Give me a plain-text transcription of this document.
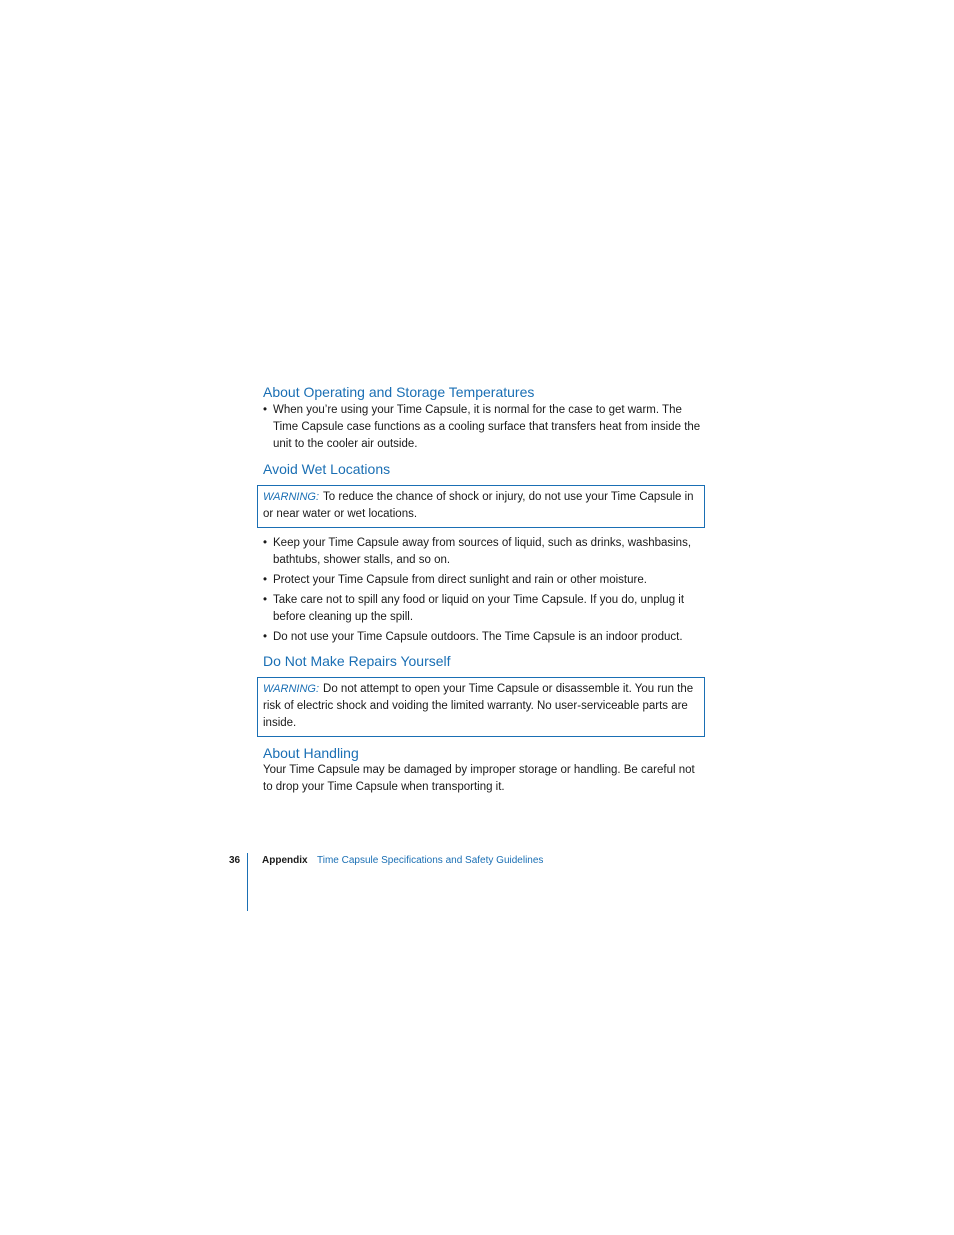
About Operating and Storage Temperatures
• When you’re using your Time Capsule, it is normal for the case to get warm. The Time Capsule case functions as a cooling surface that transfers heat from inside the unit to the cooler air outside.
Avoid Wet Locations
WARNING: To reduce the chance of shock or injury, do not use your Time Capsule in or near water or wet locations.
• Keep your Time Capsule away from sources of liquid, such as drinks, washbasins, bathtubs, shower stalls, and so on.
• Protect your Time Capsule from direct sunlight and rain or other moisture.
• Take care not to spill any food or liquid on your Time Capsule. If you do, unplug it before cleaning up the spill.
• Do not use your Time Capsule outdoors. The Time Capsule is an indoor product.
Do Not Make Repairs Yourself
WARNING: Do not attempt to open your Time Capsule or disassemble it. You run the risk of electric shock and voiding the limited warranty. No user-serviceable parts are inside.
About Handling

Your Time Capsule may be damaged by improper storage or handling. Be careful not to drop your Time Capsule when transporting it.

36 Appendix Time Capsule Specifications and Safety Guidelines
